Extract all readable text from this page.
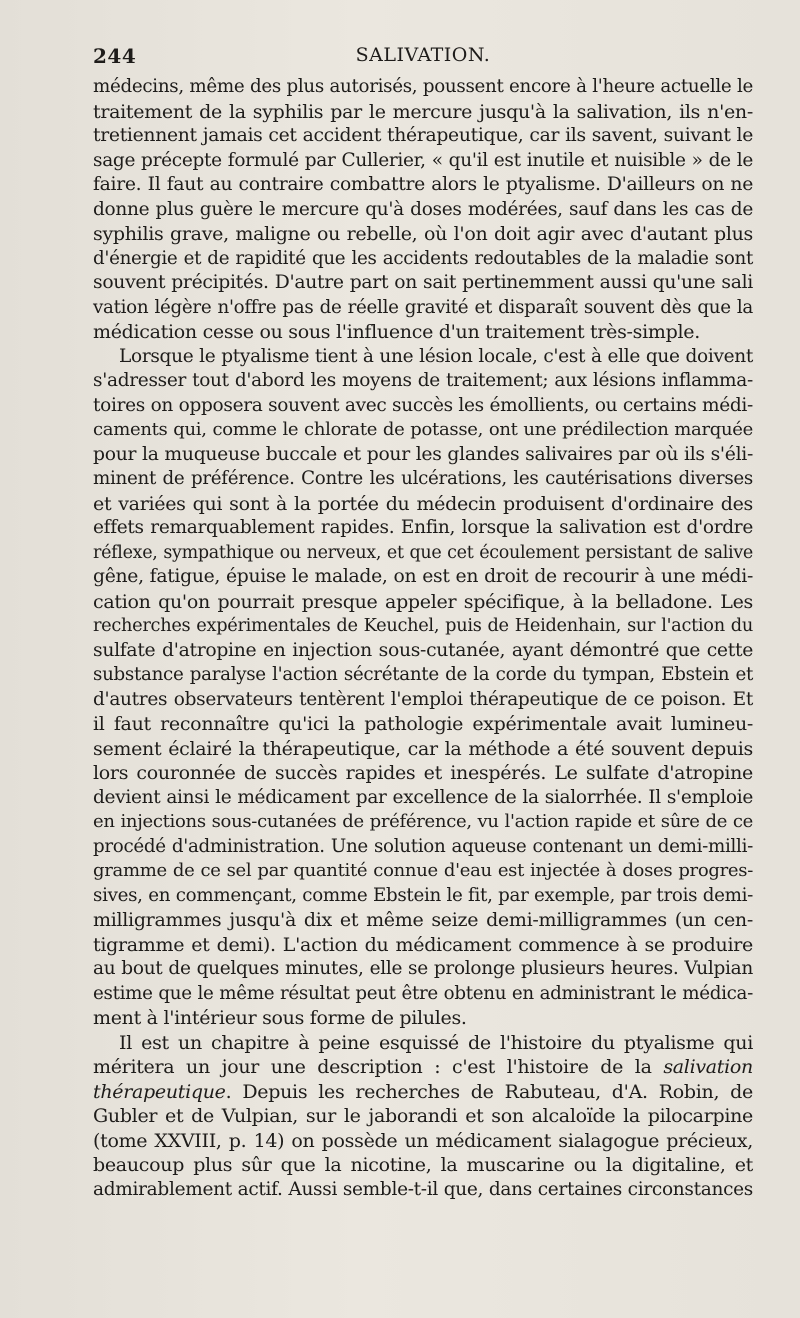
244	SALIVATION.
médecins, même des plus autorisés, poussent encore à l'heure actuelle le
traitement de la syphilis par le mercure jusqu'à la salivation, ils n'en-
tretiennent jamais cet accident thérapeutique, car ils savent, suivant le
sage précepte formulé par Cullerier, « qu'il est inutile et nuisible » de le
faire. Il faut au contraire combattre alors le ptyalisme. D'ailleurs on ne
donne plus guère le mercure qu'à doses modérées, sauf dans les cas de
syphilis grave, maligne ou rebelle, où l'on doit agir avec d'autant plus
d'énergie et de rapidité que les accidents redoutables de la maladie sont
souvent précipités. D'autre part on sait pertinemment aussi qu'une sali
vation légère n'offre pas de réelle gravité et disparaît souvent dès que la
médication cesse ou sous l'influence d'un traitement très-simple.
Lorsque le ptyalisme tient à une lésion locale, c'est à elle que doivent
s'adresser tout d'abord les moyens de traitement; aux lésions inflamma-
toires on opposera souvent avec succès les émollients, ou certains médi-
caments qui, comme le chlorate de potasse, ont une prédilection marquée
pour la muqueuse buccale et pour les glandes salivaires par où ils s'éli-
minent de préférence. Contre les ulcérations, les cautérisations diverses
et variées qui sont à la portée du médecin produisent d'ordinaire des
effets remarquablement rapides. Enfin, lorsque la salivation est d'ordre
réflexe, sympathique ou nerveux, et que cet écoulement persistant de salive
gêne, fatigue, épuise le malade, on est en droit de recourir à une médi-
cation qu'on pourrait presque appeler spécifique, à la belladone. Les
recherches expérimentales de Keuchel, puis de Heidenhain, sur l'action du
sulfate d'atropine en injection sous-cutanée, ayant démontré que cette
substance paralyse l'action sécrétante de la corde du tympan, Ebstein et
d'autres observateurs tentèrent l'emploi thérapeutique de ce poison. Et
il faut reconnaître qu'ici la pathologie expérimentale avait lumineu-
sement éclairé la thérapeutique, car la méthode a été souvent depuis
lors couronnée de succès rapides et inespérés. Le sulfate d'atropine
devient ainsi le médicament par excellence de la sialorrhée. Il s'emploie
en injections sous-cutanées de préférence, vu l'action rapide et sûre de ce
procédé d'administration. Une solution aqueuse contenant un demi-milli-
gramme de ce sel par quantité connue d'eau est injectée à doses progres-
sives, en commençant, comme Ebstein le fit, par exemple, par trois demi-
milligrammes jusqu'à dix et même seize demi-milligrammes (un cen-
tigramme et demi). L'action du médicament commence à se produire
au bout de quelques minutes, elle se prolonge plusieurs heures. Vulpian
estime que le même résultat peut être obtenu en administrant le médica-
ment à l'intérieur sous forme de pilules.
Il est un chapitre à peine esquissé de l'histoire du ptyalisme qui
méritera un jour une description : c'est l'histoire de la salivation
thérapeutique. Depuis les recherches de Rabuteau, d'A. Robin, de
Gubler et de Vulpian, sur le jaborandi et son alcaloïde la pilocarpine
(tome XXVIII, p. 14) on possède un médicament sialagogue précieux,
beaucoup plus sûr que la nicotine, la muscarine ou la digitaline, et
admirablement actif. Aussi semble-t-il que, dans certaines circonstances
